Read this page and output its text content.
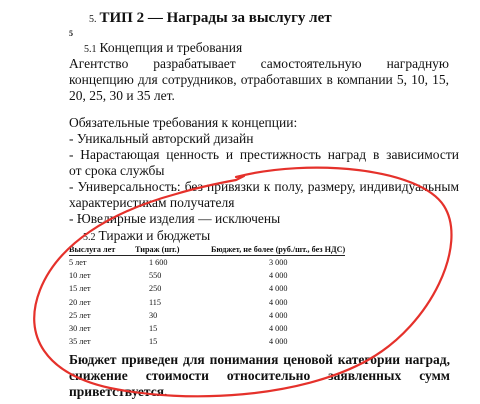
5. ТИП 2 — Награды за выслугу лет
5
5.1 Концепция и требования
Агентство разрабатывает самостоятельную наградную концепцию для сотрудников, отработавших в компании 5, 10, 15, 20, 25, 30 и 35 лет.
Обязательные требования к концепции:
- Уникальный авторский дизайн
- Нарастающая ценность и престижность наград в зависимости
от срока службы
- Универсальность: без привязки к полу, размеру, индивидуальным
характеристикам получателя
- Ювелирные изделия — исключены
5.2 Тиражи и бюджеты
Выслуга лет	Тираж (шт.)	Бюджет, не более (руб./шт., без НДС)
5 лет	1 600	3 000
10 лет	550	4 000
15 лет	250	4 000
20 лет	115	4 000
25 лет	30	4 000
30 лет	15	4 000
35 лет	15	4 000
Бюджет приведен для понимания ценовой категории наград,
снижение стоимости относительно заявленных сумм
приветствуется.
